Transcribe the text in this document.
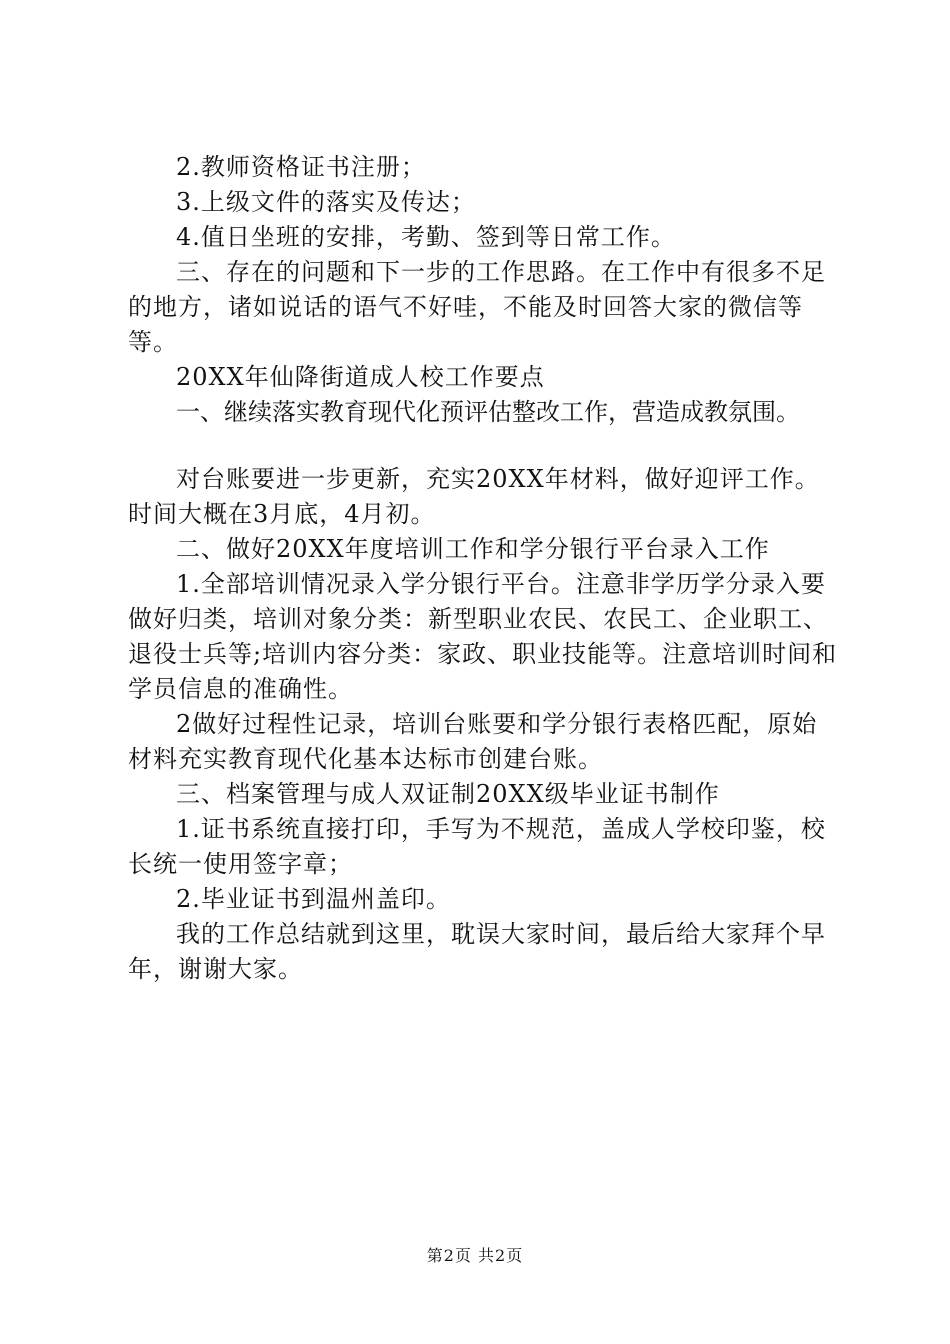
2.教师资格证书注册；

3.上级文件的落实及传达；

4.值日坐班的安排，考勤、签到等日常工作。

三、存在的问题和下一步的工作思路。在工作中有很多不足的地方，诸如说话的语气不好哇，不能及时回答大家的微信等等。

20XX年仙降街道成人校工作要点

一、继续落实教育现代化预评估整改工作，营造成教氛围。

对台账要进一步更新，充实20XX年材料，做好迎评工作。时间大概在3月底，4月初。

二、做好20XX年度培训工作和学分银行平台录入工作

1.全部培训情况录入学分银行平台。注意非学历学分录入要做好归类，培训对象分类：新型职业农民、农民工、企业职工、退役士兵等;培训内容分类：家政、职业技能等。注意培训时间和学员信息的准确性。

2做好过程性记录，培训台账要和学分银行表格匹配，原始材料充实教育现代化基本达标市创建台账。

三、档案管理与成人双证制20XX级毕业证书制作

1.证书系统直接打印，手写为不规范，盖成人学校印鉴，校长统一使用签字章；

2.毕业证书到温州盖印。

我的工作总结就到这里，耽误大家时间，最后给大家拜个早年，谢谢大家。

第2页 共2页
